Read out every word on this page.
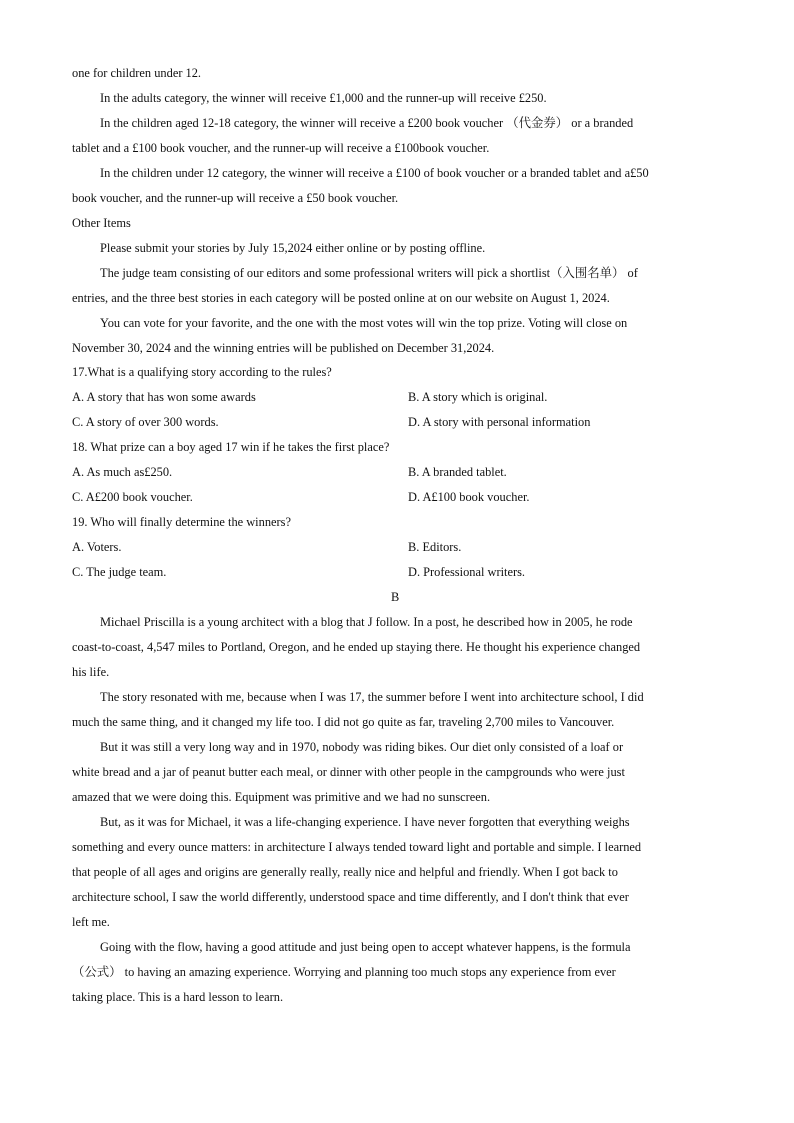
one for children under 12.
In the adults category, the winner will receive £1,000 and the runner-up will receive £250.
In the children aged 12-18 category, the winner will receive a £200 book voucher （代金券） or a branded
tablet and a £100 book voucher, and the runner-up will receive a £100book voucher.
In the children under 12 category, the winner will receive a £100 of book voucher or a branded tablet and a£50
book voucher, and the runner-up will receive a £50 book voucher.
Other Items
Please submit your stories by July 15,2024 either online or by posting offline.
The judge team consisting of our editors and some professional writers will pick a shortlist（入围名单） of
entries, and the three best stories in each category will be posted online at on our website on August 1, 2024.
You can vote for your favorite, and the one with the most votes will win the top prize. Voting will close on
November 30, 2024 and the winning entries will be published on December 31,2024.
17.What is a qualifying story according to the rules?
A. A story that has won some awards	B. A story which is original.
C. A story of over 300 words.	D. A story with personal information
18. What prize can a boy aged 17 win if he takes the first place?
A. As much as£250.	B. A branded tablet.
C. A£200 book voucher.	D. A£100 book voucher.
19. Who will finally determine the winners?
A. Voters.	B. Editors.
C. The judge team.	D. Professional writers.
B
Michael Priscilla is a young architect with a blog that J follow. In a post, he described how in 2005, he rode
coast-to-coast, 4,547 miles to Portland, Oregon, and he ended up staying there. He thought his experience changed
his life.
The story resonated with me, because when I was 17, the summer before I went into architecture school, I did
much the same thing, and it changed my life too. I did not go quite as far, traveling 2,700 miles to Vancouver.
But it was still a very long way and in 1970, nobody was riding bikes. Our diet only consisted of a loaf or
white bread and a jar of peanut butter each meal, or dinner with other people in the campgrounds who were just
amazed that we were doing this. Equipment was primitive and we had no sunscreen.
But, as it was for Michael, it was a life-changing experience. I have never forgotten that everything weighs
something and every ounce matters: in architecture I always tended toward light and portable and simple. I learned
that people of all ages and origins are generally really, really nice and helpful and friendly. When I got back to
architecture school, I saw the world differently, understood space and time differently, and I don't think that ever
left me.
Going with the flow, having a good attitude and just being open to accept whatever happens, is the formula
（公式） to having an amazing experience. Worrying and planning too much stops any experience from ever
taking place. This is a hard lesson to learn.
